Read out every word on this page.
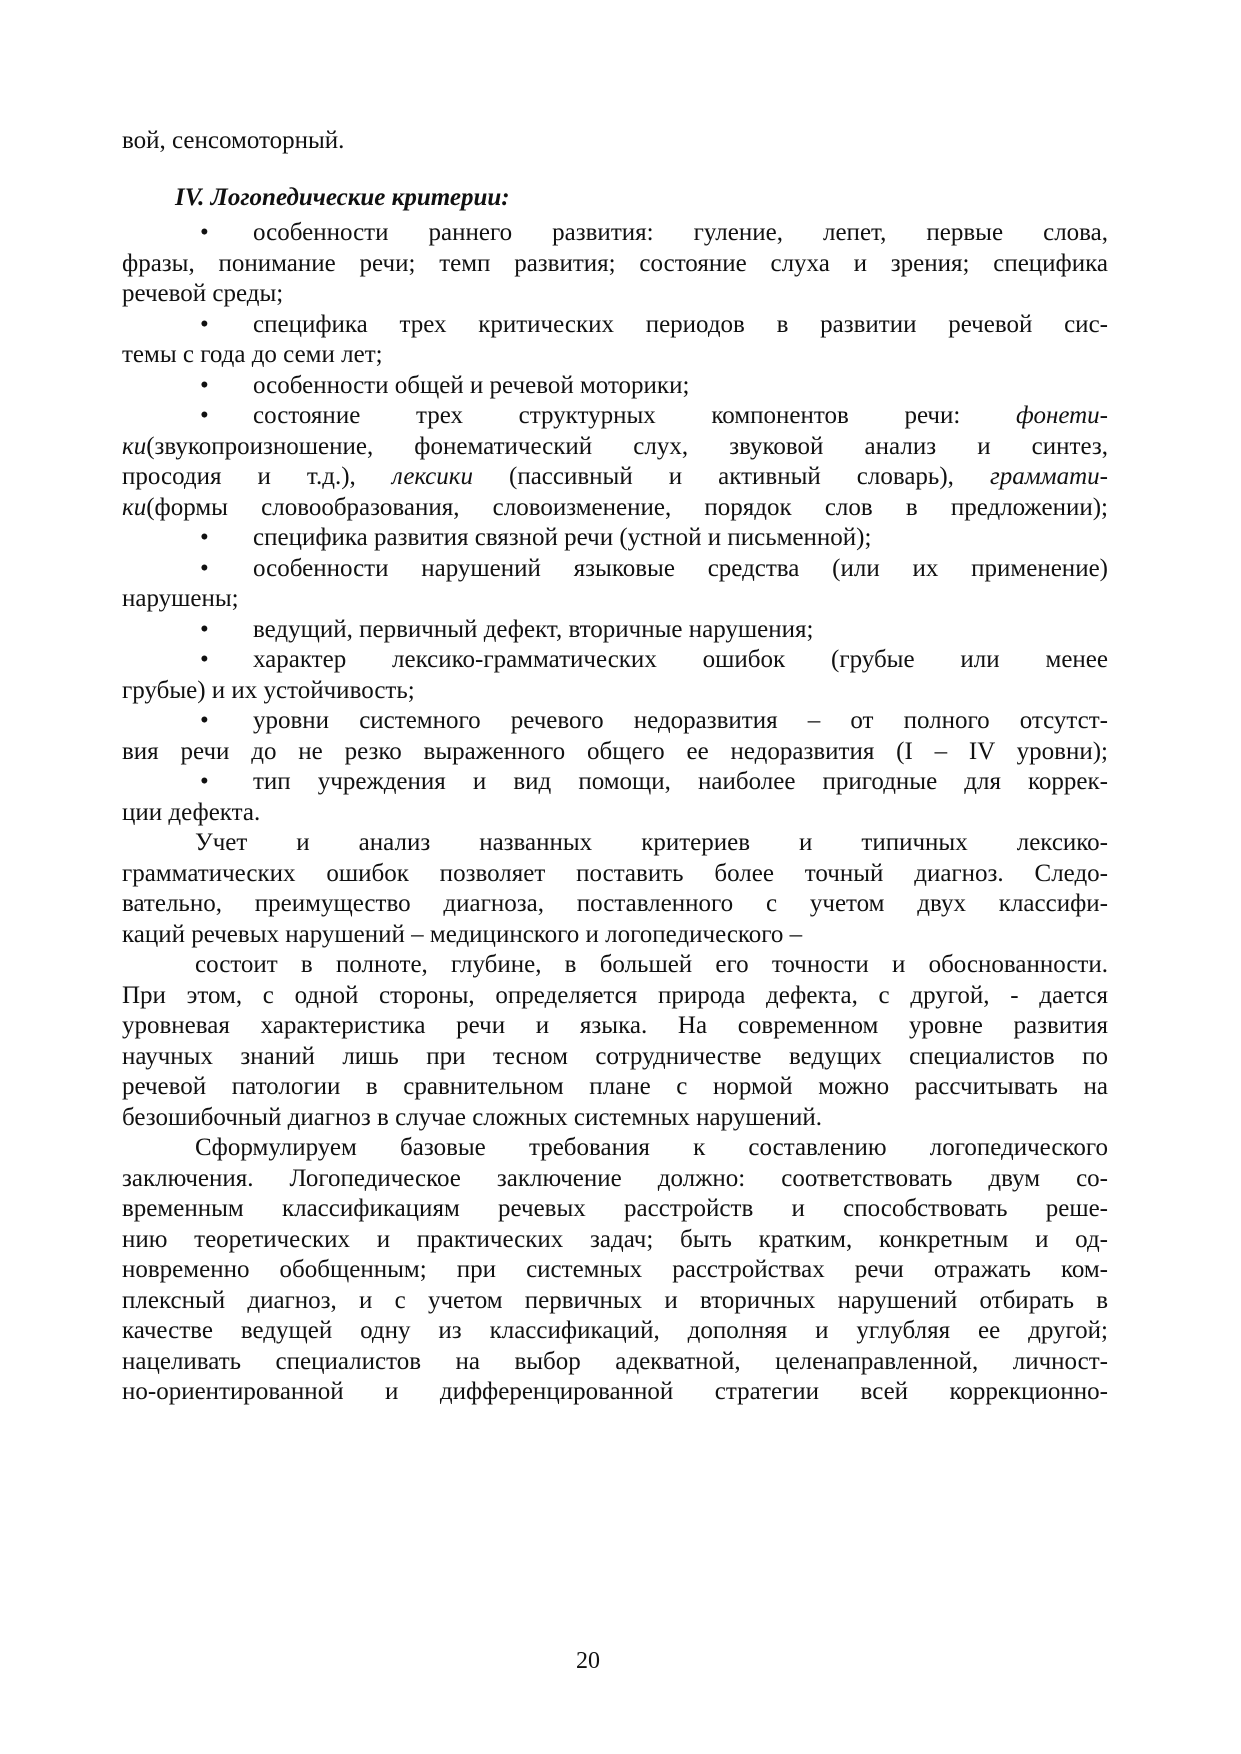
вой, сенсомоторный.
IV. Логопедические критерии:
• особенности раннего развития: гуление, лепет, первые слова,
фразы, понимание речи; темп развития; состояние слуха и зрения; специфика
речевой среды;
• специфика трех критических периодов в развитии речевой сис-
темы с года до семи лет;
• особенности общей и речевой моторики;
• состояние трех структурных компонентов речи: фонети-
ки(звукопроизношение, фонематический слух, звуковой анализ и синтез,
просодия и т.д.), лексики (пассивный и активный словарь), граммати-
ки(формы словообразования, словоизменение, порядок слов в предложении);
• специфика развития связной речи (устной и письменной);
• особенности нарушений языковые средства (или их применение)
нарушены;
• ведущий, первичный дефект, вторичные нарушения;
• характер лексико-грамматических ошибок (грубые или менее
грубые) и их устойчивость;
• уровни системного речевого недоразвития – от полного отсутст-
вия речи до не резко выраженного общего ее недоразвития (I – IV уровни);
• тип учреждения и вид помощи, наиболее пригодные для коррек-
ции дефекта.
Учет и анализ названных критериев и типичных лексико-
грамматических ошибок позволяет поставить более точный диагноз. Следо-
вательно, преимущество диагноза, поставленного с учетом двух классифи-
каций речевых нарушений – медицинского и логопедического –
состоит в полноте, глубине, в большей его точности и обоснованности.
При этом, с одной стороны, определяется природа дефекта, с другой, - дается
уровневая характеристика речи и языка. На современном уровне развития
научных знаний лишь при тесном сотрудничестве ведущих специалистов по
речевой патологии в сравнительном плане с нормой можно рассчитывать на
безошибочный диагноз в случае сложных системных нарушений.
Сформулируем базовые требования к составлению логопедического
заключения. Логопедическое заключение должно: соответствовать двум со-
временным классификациям речевых расстройств и способствовать реше-
нию теоретических и практических задач; быть кратким, конкретным и од-
новременно обобщенным; при системных расстройствах речи отражать ком-
плексный диагноз, и с учетом первичных и вторичных нарушений отбирать в
качестве ведущей одну из классификаций, дополняя и углубляя ее другой;
нацеливать специалистов на выбор адекватной, целенаправленной, личност-
но-ориентированной и дифференцированной стратегии всей коррекционно-
20
